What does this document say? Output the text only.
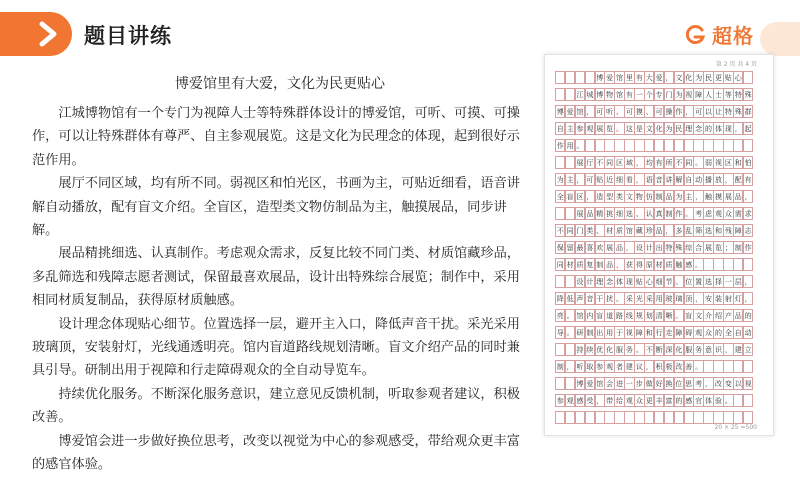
题目讲练	超格
博爱馆里有大爱，文化为民更贴心

江城博物馆有一个专门为视障人士等特殊群体设计的博爱馆，可听、可摸、可操作，可以让特殊群体有尊严、自主参观展览。这是文化为民理念的体现，起到很好示范作用。

展厅不同区域，均有所不同。弱视区和怕光区，书画为主，可贴近细看，语音讲解自动播放，配有盲文介绍。全盲区，造型类文物仿制品为主，触摸展品，同步讲解。

展品精挑细选、认真制作。考虑观众需求，反复比较不同门类、材质馆藏珍品，多乱筛选和残障志愿者测试，保留最喜欢展品，设计出特殊综合展览；制作中，采用相同材质复制品，获得原材质触感。

设计理念体现贴心细节。位置选择一层，避开主入口，降低声音干扰。采光采用玻璃顶，安装射灯，光线通透明亮。馆内盲道路线规划清晰。盲文介绍产品的同时兼具引导。研制出用于视障和行走障碍观众的全自动导览车。

持续优化服务。不断深化服务意识，建立意见反馈机制，听取参观者建议，积极改善。

博爱馆会进一步做好换位思考，改变以视觉为中心的参观感受，带给观众更丰富的感官体验。

第 2 页 共 4 页
博 爱 馆 里 有 大 爱 ， 文 化 为 民 更 贴 心
江 城 博 物 馆 有 一 个 专 门 为 视 障 人 士 等 特 殊
博 爱 馆 ， 可 听 、 可 摸 、 可 操 作 ， 可 以 让 特 殊 群
自 主 参 观 展 览 。 这 是 文 化 为 民 理 念 的 体 现 ， 起
作 用 。
展 厅 不 同 区 域 ， 均 有 所 不 同 。 弱 视 区 和 怕
为 主 ， 可 贴 近 细 看 ， 语 音 讲 解 自 动 播 放 ， 配 有
全 盲 区 ， 造 型 类 文 物 仿 制 品 为 主 ， 触 摸 展 品 ，
展 品 精 挑 细 选 、 认 真 制 作 。 考 虑 观 众 需 求
不 同 门 类 、 材 质 馆 藏 珍 品 ， 多 乱 筛 选 和 残 障 志
保 留 最 喜 欢 展 品 ， 设 计 出 特 殊 综 合 展 览 ； 制 作
同 材 质 复 制 品 ， 获 得 原 材 质 触 感 。
设 计 理 念 体 现 贴 心 细 节 。 位 置 选 择 一 层 ，
降 低 声 音 干 扰 。 采 光 采 用 玻 璃 顶 ， 安 装 射 灯 ，
亮 。 馆 内 盲 道 路 线 规 划 清 晰 。 盲 文 介 绍 产 品 的
导 。 研 制 出 用 于 视 障 和 行 走 障 碍 观 众 的 全 自 动
持 续 优 化 服 务 。 不 断 深 化 服 务 意 识 ， 建 立
制 ， 听 取 参 观 者 建 议 ， 积 极 改 善 。
博 爱 馆 会 进 一 步 做 好 换 位 思 考 ， 改 变 以 视
参 观 感 受 ， 带 给 观 众 更 丰 富 的 感 官 体 验 。
20 × 25 =500
